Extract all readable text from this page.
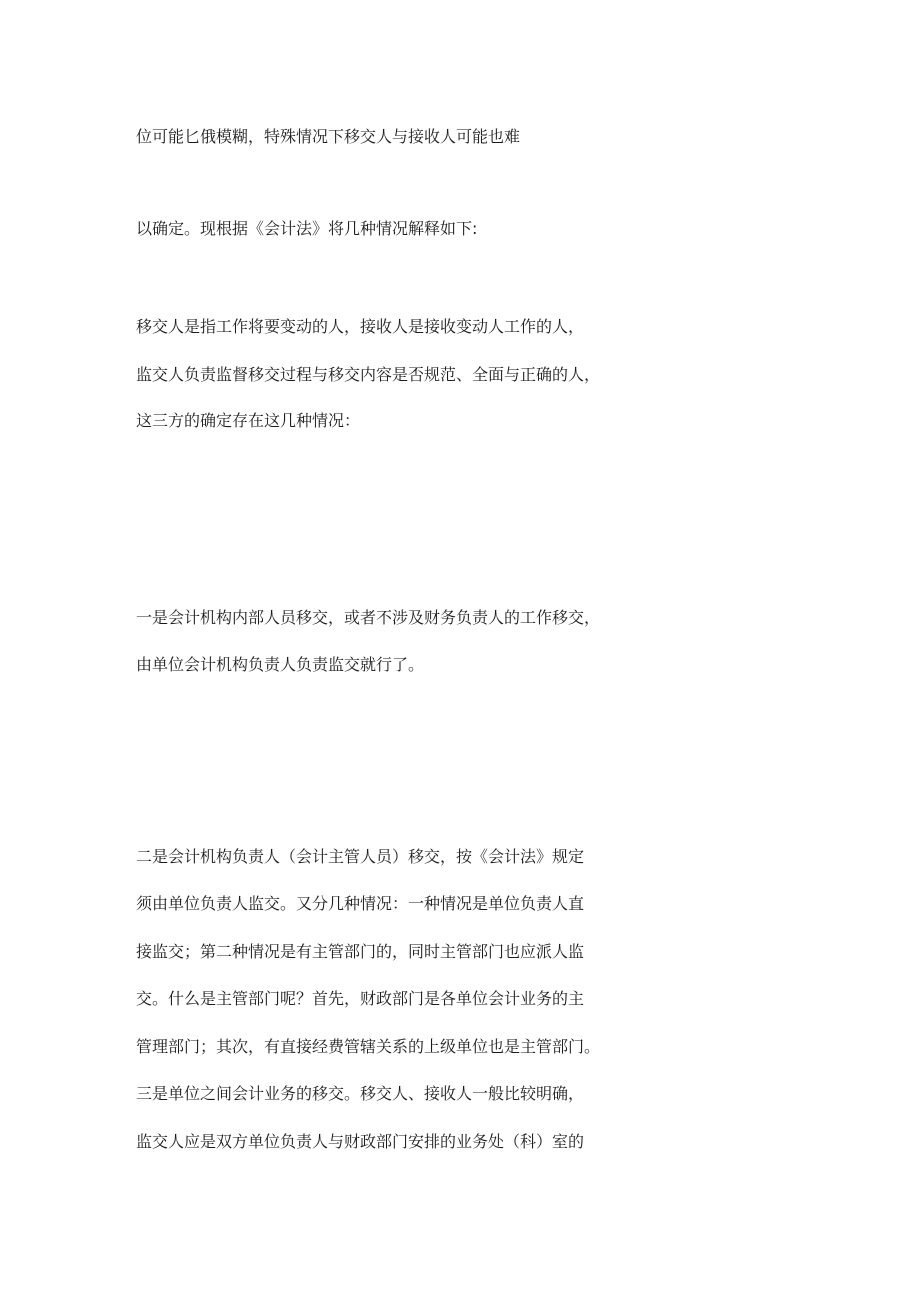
位可能匕俄模糊，特殊情况下移交人与接收人可能也难
以确定。现根据《会计法》将几种情况解释如下:
移交人是指工作将要变动的人，接收人是接收变动人工作的人，
监交人负责监督移交过程与移交内容是否规范、全面与正确的人，
这三方的确定存在这几种情况：
一是会计机构内部人员移交，或者不涉及财务负责人的工作移交，
由单位会计机构负责人负责监交就行了。
二是会计机构负责人（会计主管人员）移交，按《会计法》规定
须由单位负责人监交。又分几种情况：一种情况是单位负责人直
接监交；第二种情况是有主管部门的，同时主管部门也应派人监
交。什么是主管部门呢？首先，财政部门是各单位会计业务的主
管理部门；其次，有直接经费管辖关系的上级单位也是主管部门。
三是单位之间会计业务的移交。移交人、接收人一般比较明确，
监交人应是双方单位负责人与财政部门安排的业务处（科）室的
